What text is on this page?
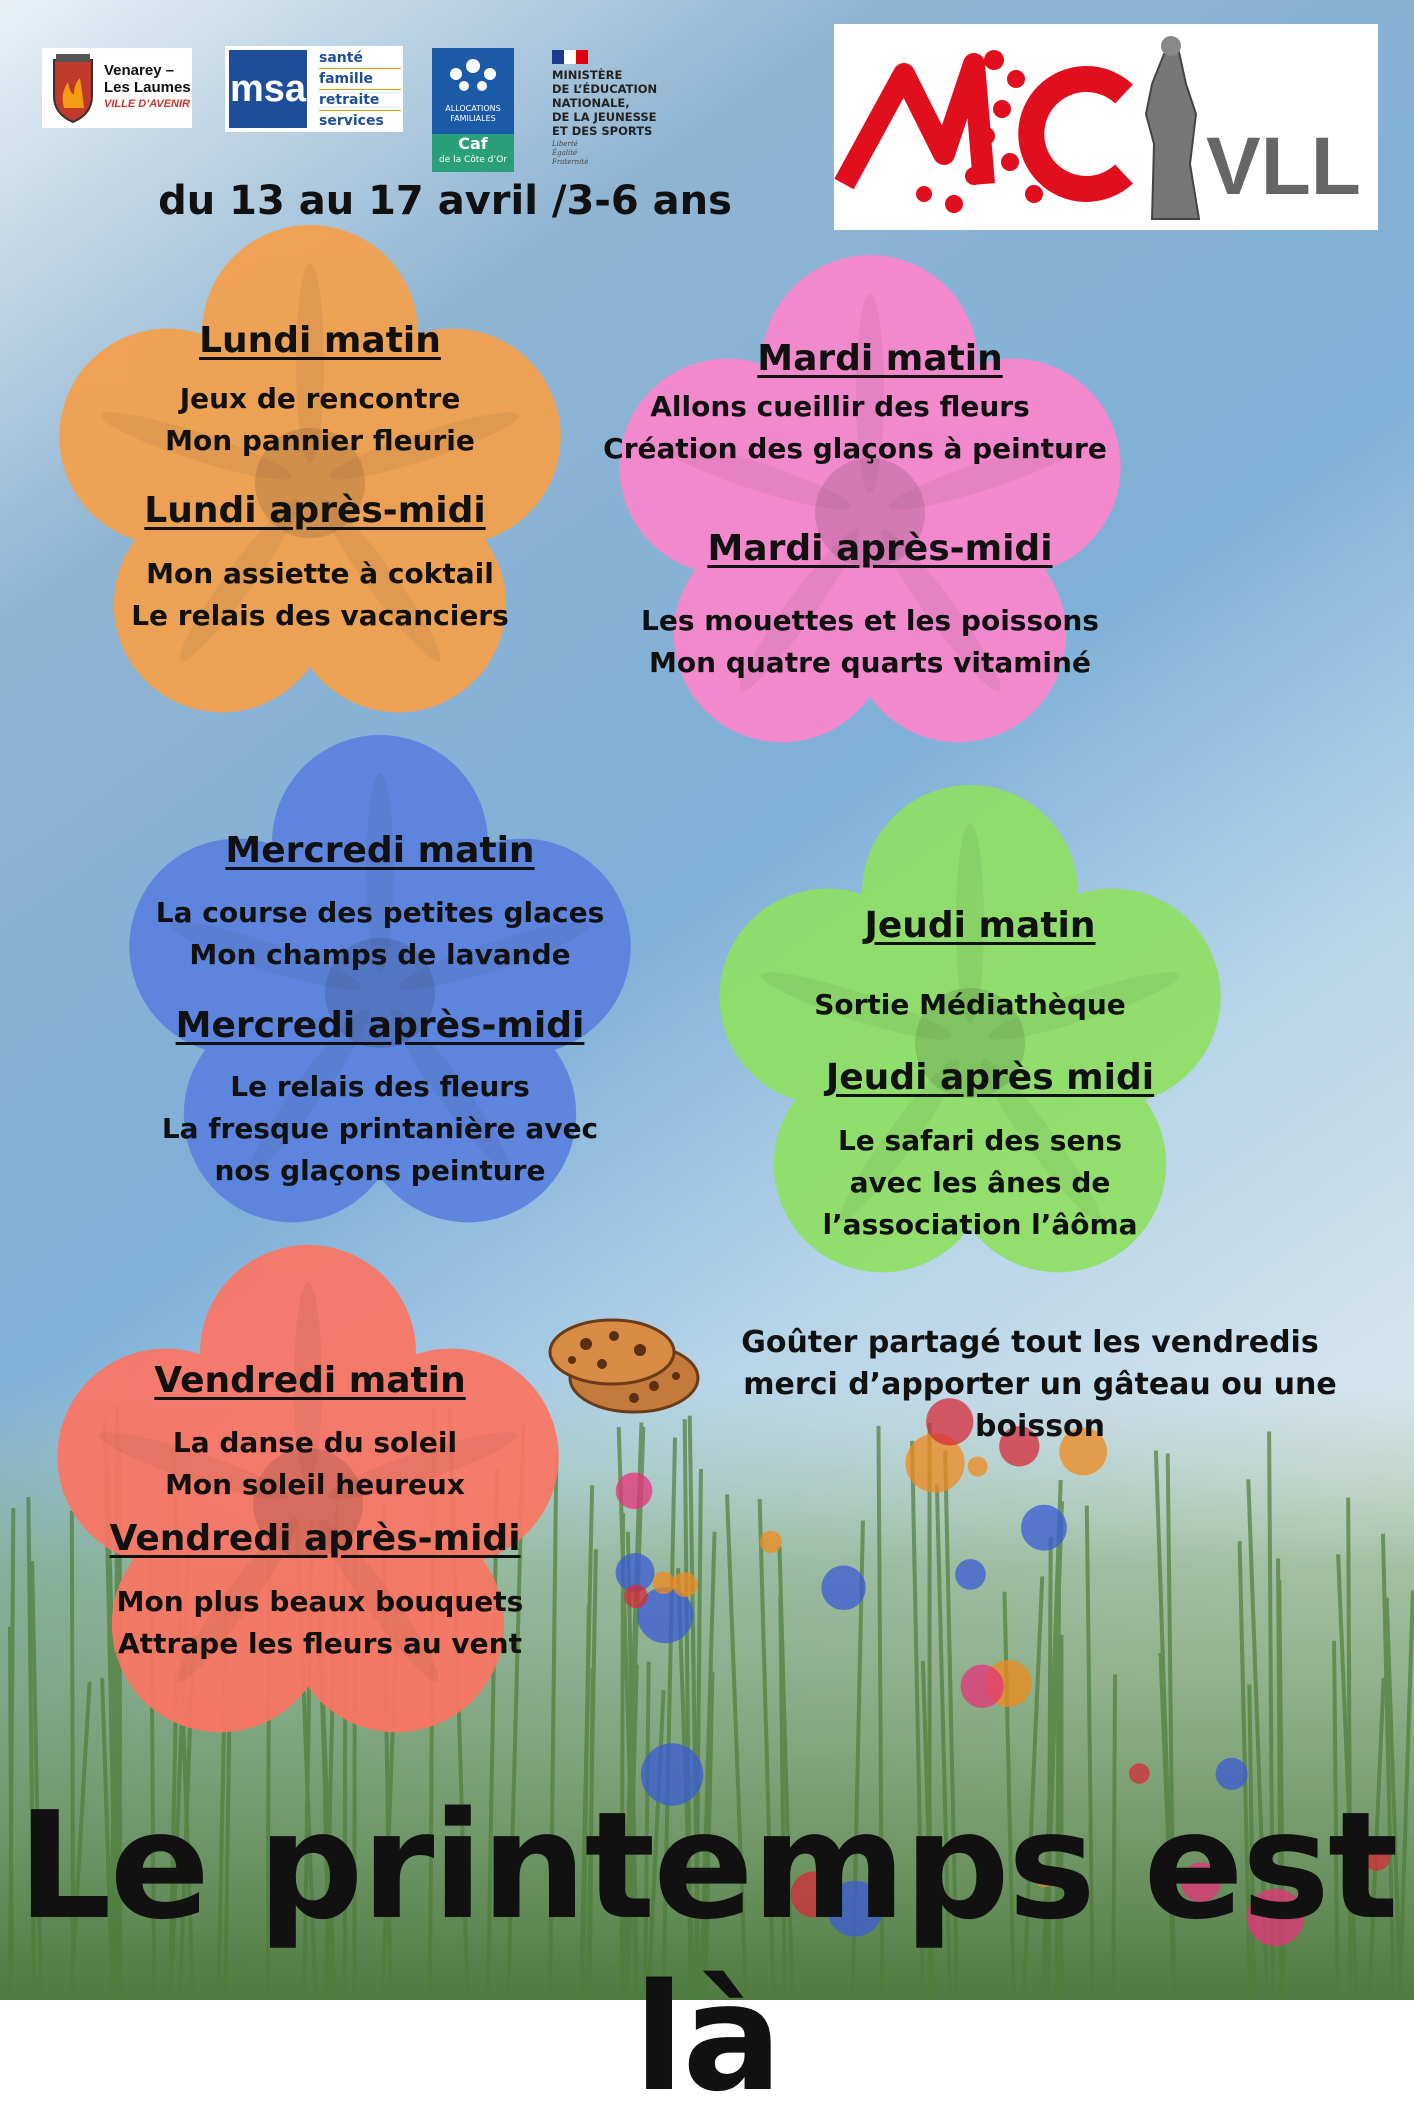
Venarey –
Les Laumes
VILLE D’AVENIR msa
santé
famille
retraite
services
ALLOCATIONS
FAMILIALES
Caf
de la Côte d’Or
MINISTÈRE
DE L’ÉDUCATION
NATIONALE,
DE LA JEUNESSE
ET DES SPORTS
Liberté
Égalité
Fraternité	VLL
du 13 au 17 avril /3-6 ans
Lundi matin
Jeux de rencontre
Mon pannier fleurie
Lundi après-midi
Mon assiette à coktail
Le relais des vacanciers
Mardi matin
Allons cueillir des fleurs
Création des glaçons à peinture
Mardi après-midi
Les mouettes et les poissons
Mon quatre quarts vitaminé
Mercredi matin
La course des petites glaces
Mon champs de lavande
Mercredi après-midi
Le relais des fleurs
La fresque printanière avec
nos glaçons peinture
Jeudi matin
Sortie Médiathèque
Jeudi après midi
Le safari des sens
avec les ânes de
l’association l’âôma
Vendredi matin
La danse du soleil
Mon soleil heureux
Vendredi après-midi
Mon plus beaux bouquets
Attrape les fleurs au vent
Goûter partagé tout les vendredis
merci d’apporter un gâteau ou une boisson
Le printemps est là
